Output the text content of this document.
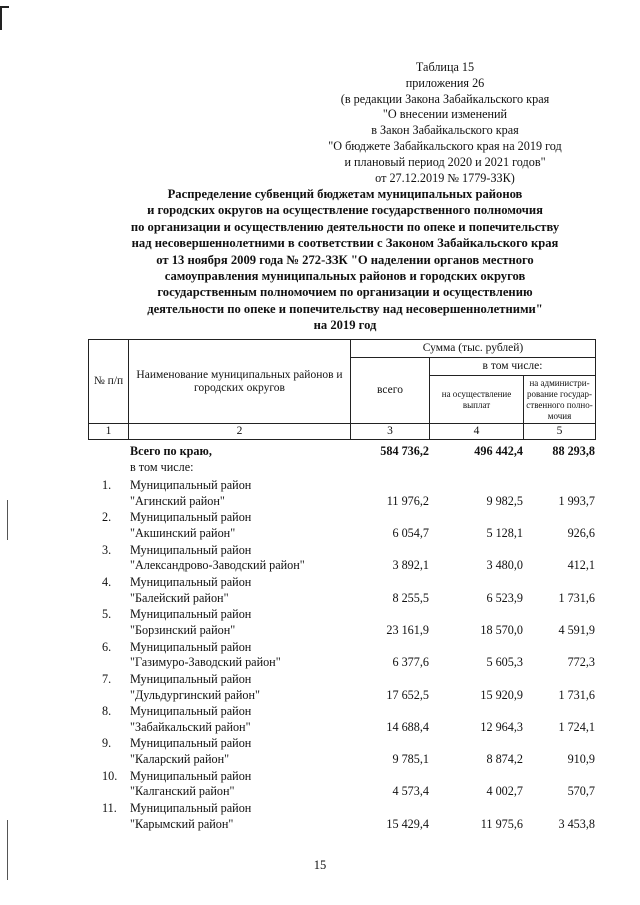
Таблица 15
приложения 26
(в редакции Закона Забайкальского края
"О внесении изменений
в Закон Забайкальского края
"О бюджете Забайкальского края на 2019 год
и плановый период 2020 и 2021 годов"
от 27.12.2019 № 1779-ЗЗК)
Распределение субвенций бюджетам муниципальных районов
и городских округов на осуществление государственного полномочия
по организации и осуществлению деятельности по опеке и попечительству
над несовершеннолетними в соответствии с Законом Забайкальского края
от 13 ноября 2009 года № 272-ЗЗК "О наделении органов местного
самоуправления муниципальных районов и городских округов
государственным полномочием по организации и осуществлению
деятельности по опеке и попечительству над несовершеннолетними"
на 2019 год
№ п/п	Наименование муниципальных районов и городских округов	Сумма (тыс. рублей)		
		всего	в том числе:	
			на осуществление выплат	на администри-рование государ-ственного полно-мочия
1	2	3	4	5
Всего по краю,	584 736,2	496 442,4	88 293,8
в том числе:
1.	Муниципальный район
"Агинский район"	11 976,2	9 982,5	1 993,7
2.	Муниципальный район
"Акшинский район"	6 054,7	5 128,1	926,6
3.	Муниципальный район
"Александрово-Заводский район"	3 892,1	3 480,0	412,1
4.	Муниципальный район
"Балейский район"	8 255,5	6 523,9	1 731,6
5.	Муниципальный район
"Борзинский район"	23 161,9	18 570,0	4 591,9
6.	Муниципальный район
"Газимуро-Заводский район"	6 377,6	5 605,3	772,3
7.	Муниципальный район
"Дульдургинский район"	17 652,5	15 920,9	1 731,6
8.	Муниципальный район
"Забайкальский район"	14 688,4	12 964,3	1 724,1
9.	Муниципальный район
"Каларский район"	9 785,1	8 874,2	910,9
10.	Муниципальный район
"Калганский район"	4 573,4	4 002,7	570,7
11.	Муниципальный район
"Карымский район"	15 429,4	11 975,6	3 453,8
15
